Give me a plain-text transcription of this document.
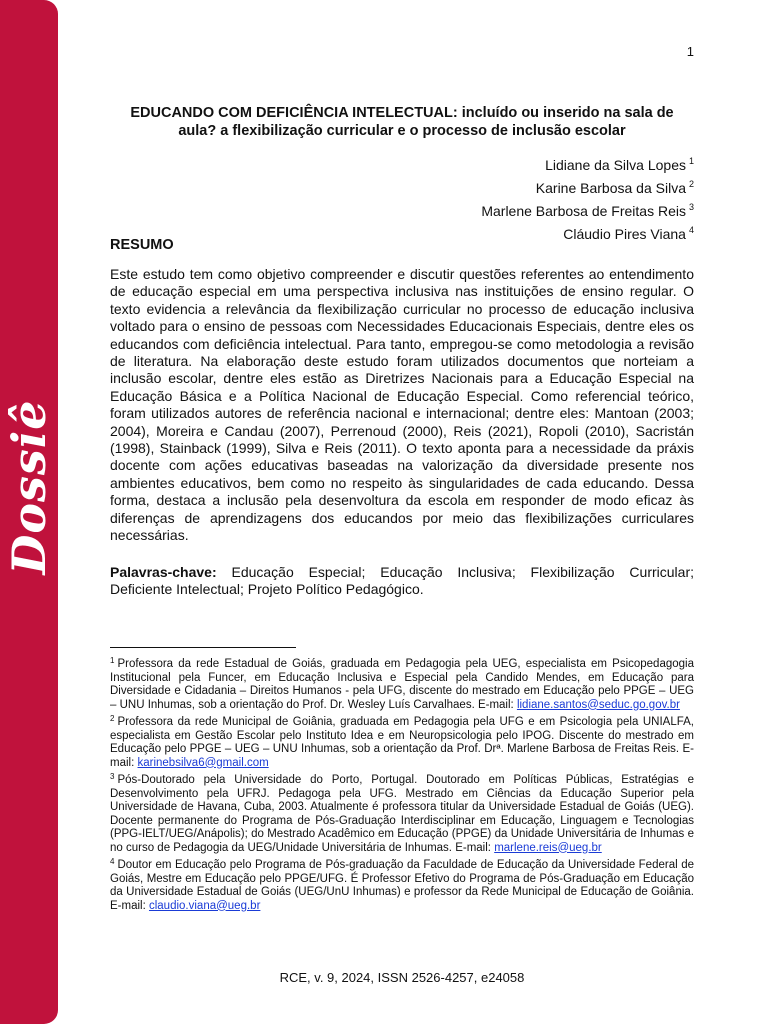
Dossiê
1
EDUCANDO COM DEFICIÊNCIA INTELECTUAL: incluído ou inserido na sala de aula? a flexibilização curricular e o processo de inclusão escolar
Lidiane da Silva Lopes $^1$
Karine Barbosa da Silva $^2$
Marlene Barbosa de Freitas Reis $^3$
Cláudio Pires Viana $^4$
RESUMO

Este estudo tem como objetivo compreender e discutir questões referentes ao entendimento de educação especial em uma perspectiva inclusiva nas instituições de ensino regular. O texto evidencia a relevância da flexibilização curricular no processo de educação inclusiva voltado para o ensino de pessoas com Necessidades Educacionais Especiais, dentre eles os educandos com deficiência intelectual. Para tanto, empregou-se como metodologia a revisão de literatura. Na elaboração deste estudo foram utilizados documentos que norteiam a inclusão escolar, dentre eles estão as Diretrizes Nacionais para a Educação Especial na Educação Básica e a Política Nacional de Educação Especial. Como referencial teórico, foram utilizados autores de referência nacional e internacional; dentre eles: Mantoan (2003; 2004), Moreira e Candau (2007), Perrenoud (2000), Reis (2021), Ropoli (2010), Sacristán (1998), Stainback (1999), Silva e Reis (2011). O texto aponta para a necessidade da práxis docente com ações educativas baseadas na valorização da diversidade presente nos ambientes educativos, bem como no respeito às singularidades de cada educando. Dessa forma, destaca a inclusão pela desenvoltura da escola em responder de modo eficaz às diferenças de aprendizagens dos educandos por meio das flexibilizações curriculares necessárias.

Palavras-chave: Educação Especial; Educação Inclusiva; Flexibilização Curricular; Deficiente Intelectual; Projeto Político Pedagógico.

$^1$ Professora da rede Estadual de Goiás, graduada em Pedagogia pela UEG, especialista em Psicopedagogia Institucional pela Funcer, em Educação Inclusiva e Especial pela Candido Mendes, em Educação para Diversidade e Cidadania – Direitos Humanos - pela UFG, discente do mestrado em Educação pelo PPGE – UEG – UNU Inhumas, sob a orientação do Prof. Dr. Wesley Luís Carvalhaes. E-mail: lidiane.santos@seduc.go.gov.br

$^2$ Professora da rede Municipal de Goiânia, graduada em Pedagogia pela UFG e em Psicologia pela UNIALFA, especialista em Gestão Escolar pelo Instituto Idea e em Neuropsicologia pelo IPOG. Discente do mestrado em Educação pelo PPGE – UEG – UNU Inhumas, sob a orientação da Prof. Drª. Marlene Barbosa de Freitas Reis. E-mail: karinebsilva6@gmail.com

$^3$ Pós-Doutorado pela Universidade do Porto, Portugal. Doutorado em Políticas Públicas, Estratégias e Desenvolvimento pela UFRJ. Pedagoga pela UFG. Mestrado em Ciências da Educação Superior pela Universidade de Havana, Cuba, 2003. Atualmente é professora titular da Universidade Estadual de Goiás (UEG). Docente permanente do Programa de Pós-Graduação Interdisciplinar em Educação, Linguagem e Tecnologias (PPG-IELT/UEG/Anápolis); do Mestrado Acadêmico em Educação (PPGE) da Unidade Universitária de Inhumas e no curso de Pedagogia da UEG/Unidade Universitária de Inhumas. E-mail: marlene.reis@ueg.br

$^4$ Doutor em Educação pelo Programa de Pós-graduação da Faculdade de Educação da Universidade Federal de Goiás, Mestre em Educação pelo PPGE/UFG. É Professor Efetivo do Programa de Pós-Graduação em Educação da Universidade Estadual de Goiás (UEG/UnU Inhumas) e professor da Rede Municipal de Educação de Goiânia. E-mail: claudio.viana@ueg.br

RCE, v. 9, 2024, ISSN 2526-4257, e24058
